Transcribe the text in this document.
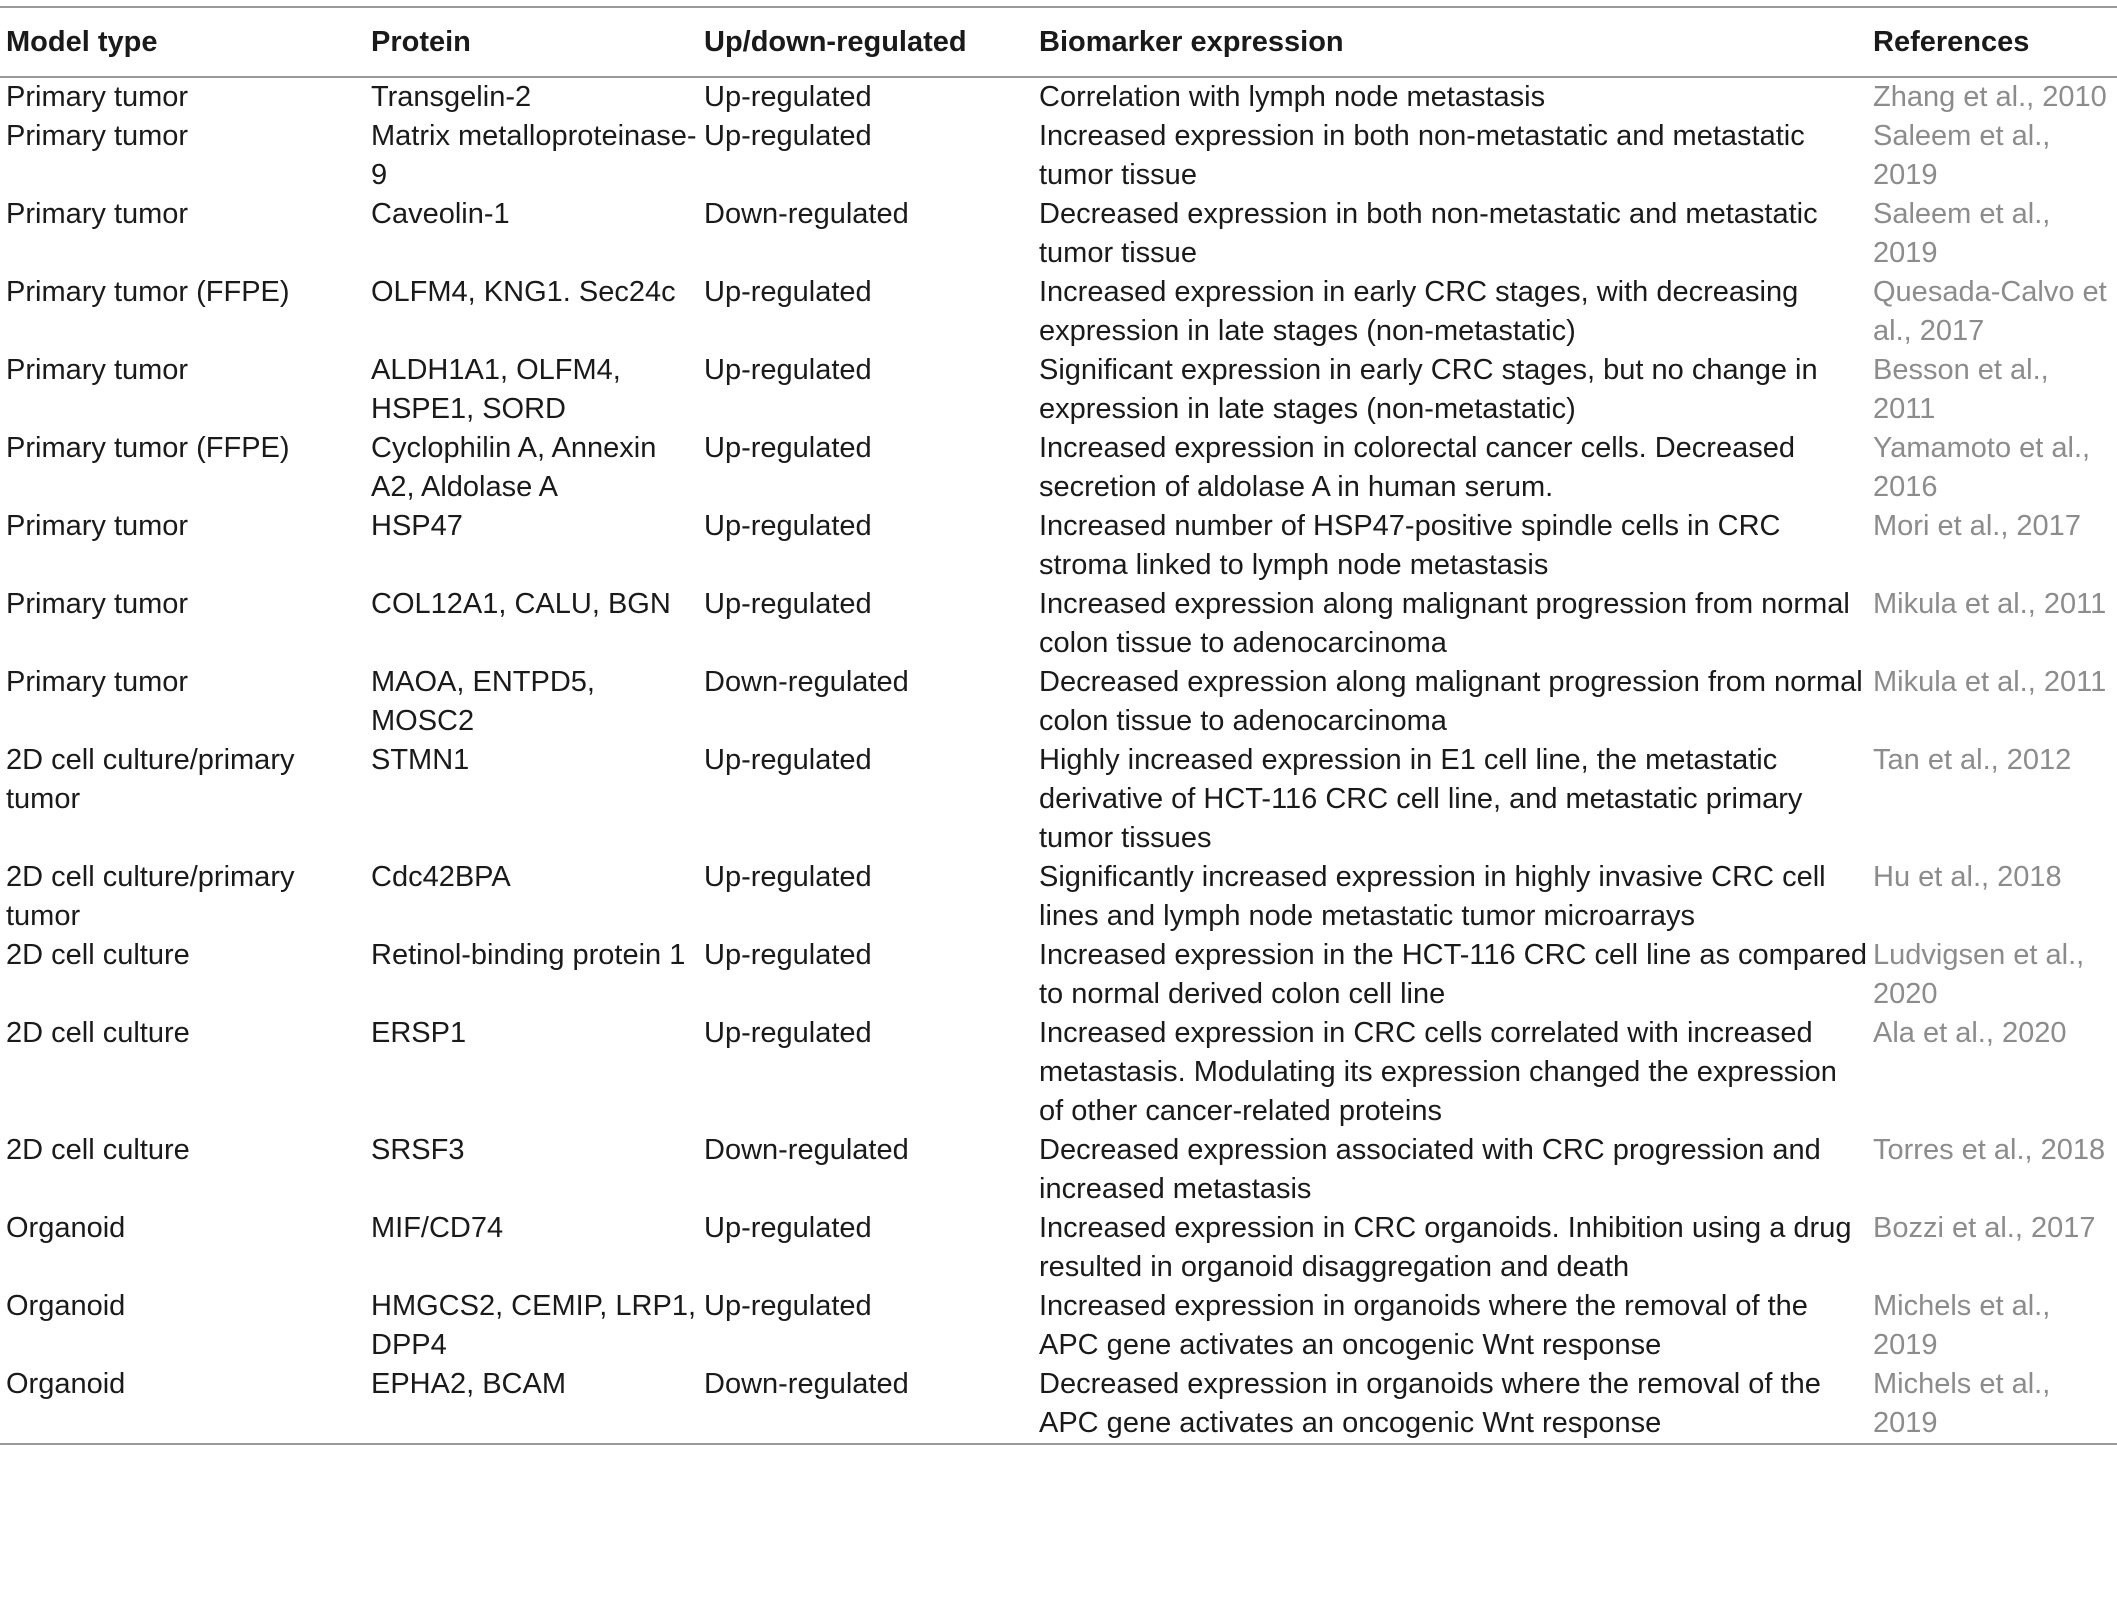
Model type	Protein	Up/down-regulated	Biomarker expression	References
Primary tumor	Transgelin-2	Up-regulated	Correlation with lymph node metastasis	Zhang et al., 2010
Primary tumor	Matrix metalloproteinase-9	Up-regulated	Increased expression in both non-metastatic and metastatic tumor tissue	Saleem et al., 2019
Primary tumor	Caveolin-1	Down-regulated	Decreased expression in both non-metastatic and metastatic tumor tissue	Saleem et al., 2019
Primary tumor (FFPE)	OLFM4, KNG1. Sec24c	Up-regulated	Increased expression in early CRC stages, with decreasing expression in late stages (non-metastatic)	Quesada-Calvo et al., 2017
Primary tumor	ALDH1A1, OLFM4, HSPE1, SORD	Up-regulated	Significant expression in early CRC stages, but no change in expression in late stages (non-metastatic)	Besson et al., 2011
Primary tumor (FFPE)	Cyclophilin A, Annexin A2, Aldolase A	Up-regulated	Increased expression in colorectal cancer cells. Decreased secretion of aldolase A in human serum.	Yamamoto et al., 2016
Primary tumor	HSP47	Up-regulated	Increased number of HSP47-positive spindle cells in CRC stroma linked to lymph node metastasis	Mori et al., 2017
Primary tumor	COL12A1, CALU, BGN	Up-regulated	Increased expression along malignant progression from normal colon tissue to adenocarcinoma	Mikula et al., 2011
Primary tumor	MAOA, ENTPD5, MOSC2	Down-regulated	Decreased expression along malignant progression from normal colon tissue to adenocarcinoma	Mikula et al., 2011
2D cell culture/primary tumor	STMN1	Up-regulated	Highly increased expression in E1 cell line, the metastatic derivative of HCT-116 CRC cell line, and metastatic primary tumor tissues	Tan et al., 2012
2D cell culture/primary tumor	Cdc42BPA	Up-regulated	Significantly increased expression in highly invasive CRC cell lines and lymph node metastatic tumor microarrays	Hu et al., 2018
2D cell culture	Retinol-binding protein 1	Up-regulated	Increased expression in the HCT-116 CRC cell line as compared to normal derived colon cell line	Ludvigsen et al., 2020
2D cell culture	ERSP1	Up-regulated	Increased expression in CRC cells correlated with increased metastasis. Modulating its expression changed the expression of other cancer-related proteins	Ala et al., 2020
2D cell culture	SRSF3	Down-regulated	Decreased expression associated with CRC progression and increased metastasis	Torres et al., 2018
Organoid	MIF/CD74	Up-regulated	Increased expression in CRC organoids. Inhibition using a drug resulted in organoid disaggregation and death	Bozzi et al., 2017
Organoid	HMGCS2, CEMIP, LRP1, DPP4	Up-regulated	Increased expression in organoids where the removal of the APC gene activates an oncogenic Wnt response	Michels et al., 2019
Organoid	EPHA2, BCAM	Down-regulated	Decreased expression in organoids where the removal of the APC gene activates an oncogenic Wnt response	Michels et al., 2019
